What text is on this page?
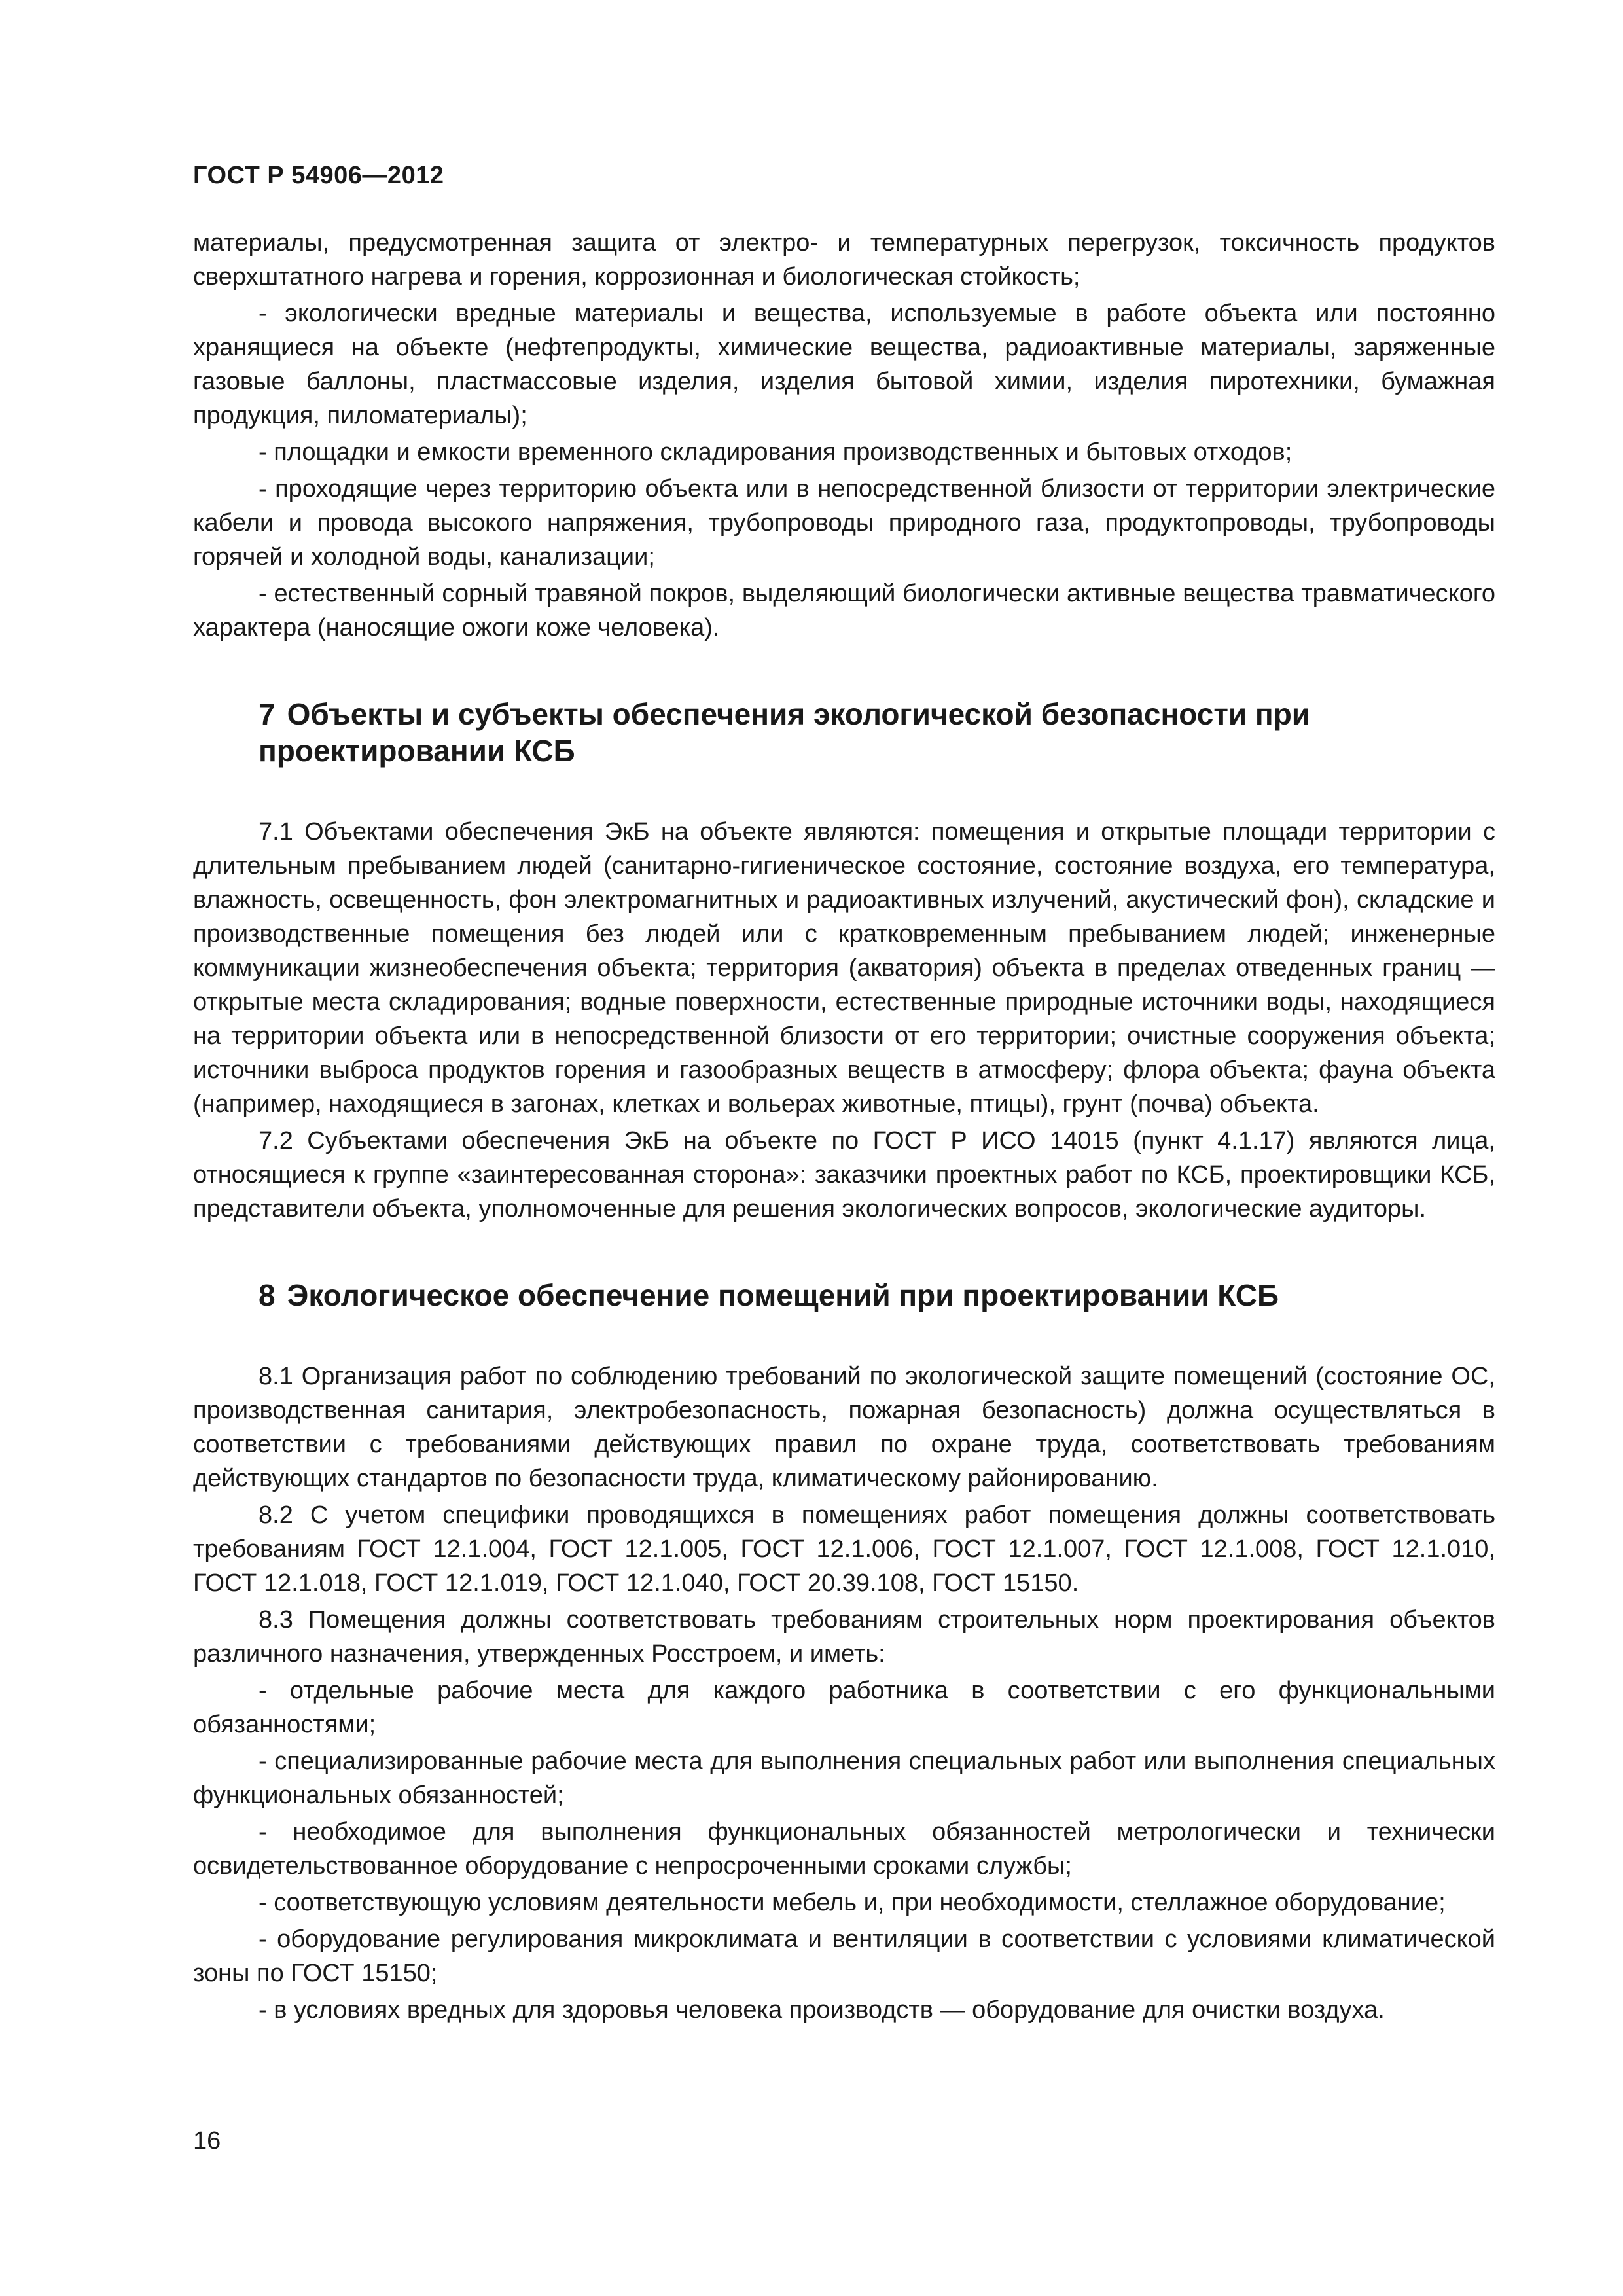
ГОСТ Р 54906—2012

материалы, предусмотренная защита от электро- и температурных перегрузок, токсичность продуктов сверхштатного нагрева и горения, коррозионная и биологическая стойкость;

- экологически вредные материалы и вещества, используемые в работе объекта или постоянно хранящиеся на объекте (нефтепродукты, химические вещества, радиоактивные материалы, заряженные газовые баллоны, пластмассовые изделия, изделия бытовой химии, изделия пиротехники, бумажная продукция, пиломатериалы);

- площадки и емкости временного складирования производственных и бытовых отходов;

- проходящие через территорию объекта или в непосредственной близости от территории электрические кабели и провода высокого напряжения, трубопроводы природного газа, продуктопроводы, трубопроводы горячей и холодной воды, канализации;

- естественный сорный травяной покров, выделяющий биологически активные вещества травматического характера (наносящие ожоги коже человека).

7 Объекты и субъекты обеспечения экологической безопасности при проектировании КСБ

7.1 Объектами обеспечения ЭкБ на объекте являются: помещения и открытые площади территории с длительным пребыванием людей (санитарно-гигиеническое состояние, состояние воздуха, его температура, влажность, освещенность, фон электромагнитных и радиоактивных излучений, акустический фон), складские и производственные помещения без людей или с кратковременным пребыванием людей; инженерные коммуникации жизнеобеспечения объекта; территория (акватория) объекта в пределах отведенных границ — открытые места складирования; водные поверхности, естественные природные источники воды, находящиеся на территории объекта или в непосредственной близости от его территории; очистные сооружения объекта; источники выброса продуктов горения и газообразных веществ в атмосферу; флора объекта; фауна объекта (например, находящиеся в загонах, клетках и вольерах животные, птицы), грунт (почва) объекта.

7.2 Субъектами обеспечения ЭкБ на объекте по ГОСТ Р ИСО 14015 (пункт 4.1.17) являются лица, относящиеся к группе «заинтересованная сторона»: заказчики проектных работ по КСБ, проектировщики КСБ, представители объекта, уполномоченные для решения экологических вопросов, экологические аудиторы.

8 Экологическое обеспечение помещений при проектировании КСБ

8.1 Организация работ по соблюдению требований по экологической защите помещений (состояние ОС, производственная санитария, электробезопасность, пожарная безопасность) должна осуществляться в соответствии с требованиями действующих правил по охране труда, соответствовать требованиям действующих стандартов по безопасности труда, климатическому районированию.

8.2 С учетом специфики проводящихся в помещениях работ помещения должны соответствовать требованиям ГОСТ 12.1.004, ГОСТ 12.1.005, ГОСТ 12.1.006, ГОСТ 12.1.007, ГОСТ 12.1.008, ГОСТ 12.1.010, ГОСТ 12.1.018, ГОСТ 12.1.019, ГОСТ 12.1.040, ГОСТ 20.39.108, ГОСТ 15150.

8.3 Помещения должны соответствовать требованиям строительных норм проектирования объектов различного назначения, утвержденных Росстроем, и иметь:

- отдельные рабочие места для каждого работника в соответствии с его функциональными обязанностями;

- специализированные рабочие места для выполнения специальных работ или выполнения специальных функциональных обязанностей;

- необходимое для выполнения функциональных обязанностей метрологически и технически освидетельствованное оборудование с непросроченными сроками службы;

- соответствующую условиям деятельности мебель и, при необходимости, стеллажное оборудование;

- оборудование регулирования микроклимата и вентиляции в соответствии с условиями климатической зоны по ГОСТ 15150;

- в условиях вредных для здоровья человека производств — оборудование для очистки воздуха.

16
